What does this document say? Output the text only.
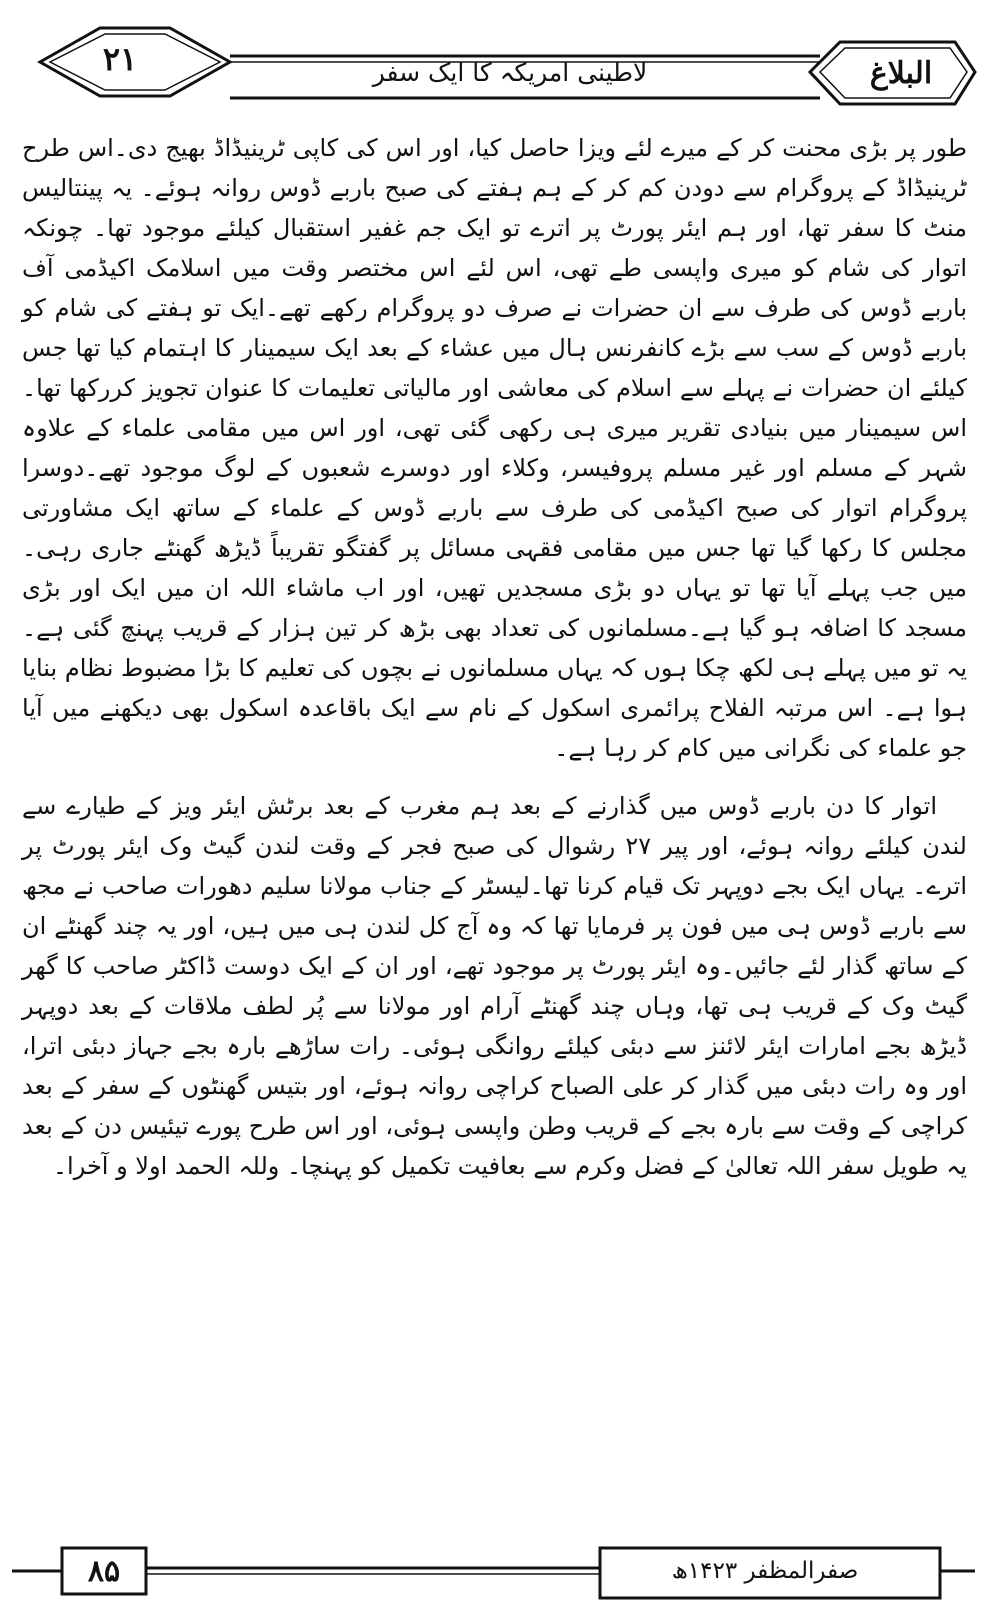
۲۱	لاطینی امریکہ کا ایک سفر	البلاغ

طور پر بڑی محنت کر کے میرے لئے ویزا حاصل کیا، اور اس کی کاپی ٹرینیڈاڈ بھیج دی۔اس طرح ٹرینیڈاڈ کے پروگرام سے دودن کم کر کے ہم ہفتے کی صبح باربے ڈوس روانہ ہوئے۔ یہ پینتالیس منٹ کا سفر تھا، اور ہم ایئر پورٹ پر اترے تو ایک جم غفیر استقبال کیلئے موجود تھا۔ چونکہ اتوار کی شام کو میری واپسی طے تھی، اس لئے اس مختصر وقت میں اسلامک اکیڈمی آف باربے ڈوس کی طرف سے ان حضرات نے صرف دو پروگرام رکھے تھے۔ایک تو ہفتے کی شام کو باربے ڈوس کے سب سے بڑے کانفرنس ہال میں عشاء کے بعد ایک سیمینار کا اہتمام کیا تھا جس کیلئے ان حضرات نے پہلے سے اسلام کی معاشی اور مالیاتی تعلیمات کا عنوان تجویز کررکھا تھا۔اس سیمینار میں بنیادی تقریر میری ہی رکھی گئی تھی، اور اس میں مقامی علماء کے علاوہ شہر کے مسلم اور غیر مسلم پروفیسر، وکلاء اور دوسرے شعبوں کے لوگ موجود تھے۔دوسرا پروگرام اتوار کی صبح اکیڈمی کی طرف سے باربے ڈوس کے علماء کے ساتھ ایک مشاورتی مجلس کا رکھا گیا تھا جس میں مقامی فقہی مسائل پر گفتگو تقریباً ڈیڑھ گھنٹے جاری رہی۔میں جب پہلے آیا تھا تو یہاں دو بڑی مسجدیں تھیں، اور اب ماشاء اللہ ان میں ایک اور بڑی مسجد کا اضافہ ہو گیا ہے۔مسلمانوں کی تعداد بھی بڑھ کر تین ہزار کے قریب پہنچ گئی ہے۔یہ تو میں پہلے ہی لکھ چکا ہوں کہ یہاں مسلمانوں نے بچوں کی تعلیم کا بڑا مضبوط نظام بنایا ہوا ہے۔ اس مرتبہ الفلاح پرائمری اسکول کے نام سے ایک باقاعدہ اسکول بھی دیکھنے میں آیا جو علماء کی نگرانی میں کام کر رہا ہے۔

اتوار کا دن باربے ڈوس میں گذارنے کے بعد ہم مغرب کے بعد برٹش ایئر ویز کے طیارے سے لندن کیلئے روانہ ہوئے، اور پیر ۲۷ رشوال کی صبح فجر کے وقت لندن گیٹ وک ایئر پورٹ پر اترے۔ یہاں ایک بجے دوپہر تک قیام کرنا تھا۔لیسٹر کے جناب مولانا سلیم دھورات صاحب نے مجھ سے باربے ڈوس ہی میں فون پر فرمایا تھا کہ وہ آج کل لندن ہی میں ہیں، اور یہ چند گھنٹے ان کے ساتھ گذار لئے جائیں۔وہ ایئر پورٹ پر موجود تھے، اور ان کے ایک دوست ڈاکٹر صاحب کا گھر گیٹ وک کے قریب ہی تھا، وہاں چند گھنٹے آرام اور مولانا سے پُر لطف ملاقات کے بعد دوپہر ڈیڑھ بجے امارات ایئر لائنز سے دبئی کیلئے روانگی ہوئی۔ رات ساڑھے بارہ بجے جہاز دبئی اترا، اور وہ رات دبئی میں گذار کر علی الصباح کراچی روانہ ہوئے، اور بتیس گھنٹوں کے سفر کے بعد کراچی کے وقت سے بارہ بجے کے قریب وطن واپسی ہوئی، اور اس طرح پورے تیئیس دن کے بعد یہ طویل سفر اللہ تعالیٰ کے فضل وکرم سے بعافیت تکمیل کو پہنچا۔ وللہ الحمد اولا و آخرا۔

۸۵	صفرالمظفر ۱۴۲۳ھ
